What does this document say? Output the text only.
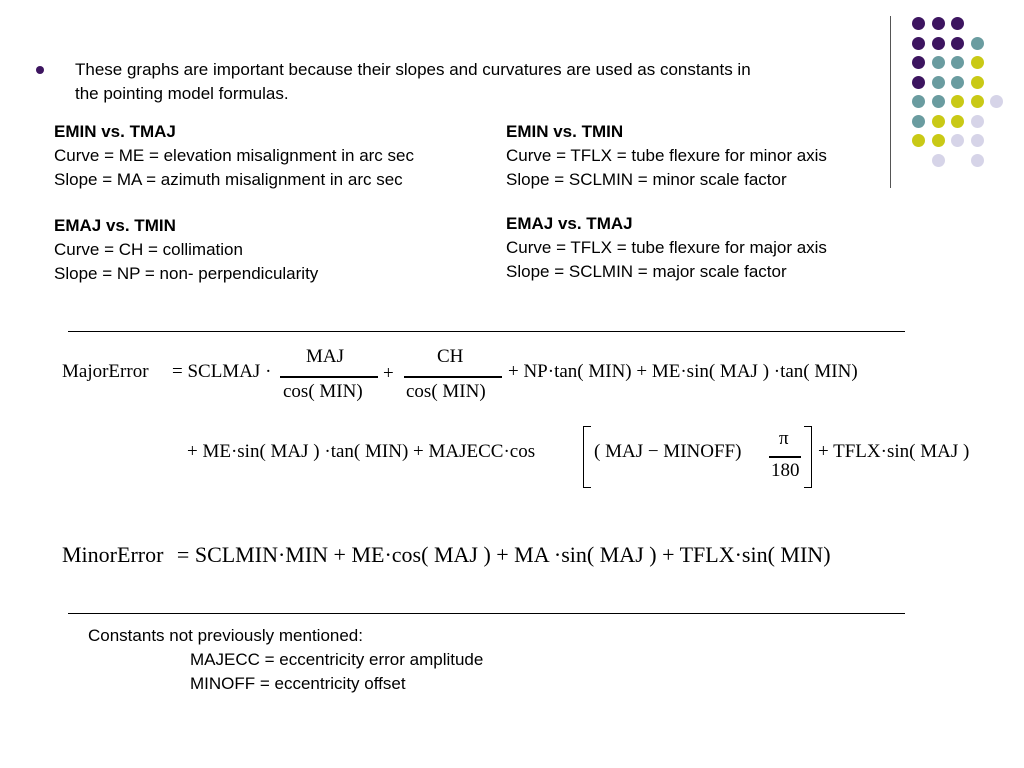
These graphs are important because their slopes and curvatures are used as constants in
the pointing model formulas.
EMIN vs. TMAJ
Curve = ME = elevation misalignment in arc sec
Slope = MA = azimuth misalignment in arc sec
EMAJ vs. TMIN
Curve = CH = collimation
Slope = NP = non- perpendicularity
EMIN vs. TMIN
Curve = TFLX = tube flexure for minor axis
Slope = SCLMIN = minor scale factor
EMAJ vs. TMAJ
Curve = TFLX = tube flexure for major axis
Slope = SCLMIN = major scale factor
MajorError = SCLMAJ ·
MAJ
cos( MIN)
+
CH
cos( MIN)
+ NP·tan( MIN) + ME·sin( MAJ ) ·tan( MIN)
+ ME·sin( MAJ ) ·tan( MIN) + MAJECC·cos	( MAJ − MINOFF)
π
180
+ TFLX·sin( MAJ )
MinorError = SCLMIN·MIN + ME·cos( MAJ ) + MA ·sin( MAJ ) + TFLX·sin( MIN)
Constants not previously mentioned:
MAJECC = eccentricity error amplitude
MINOFF = eccentricity offset
